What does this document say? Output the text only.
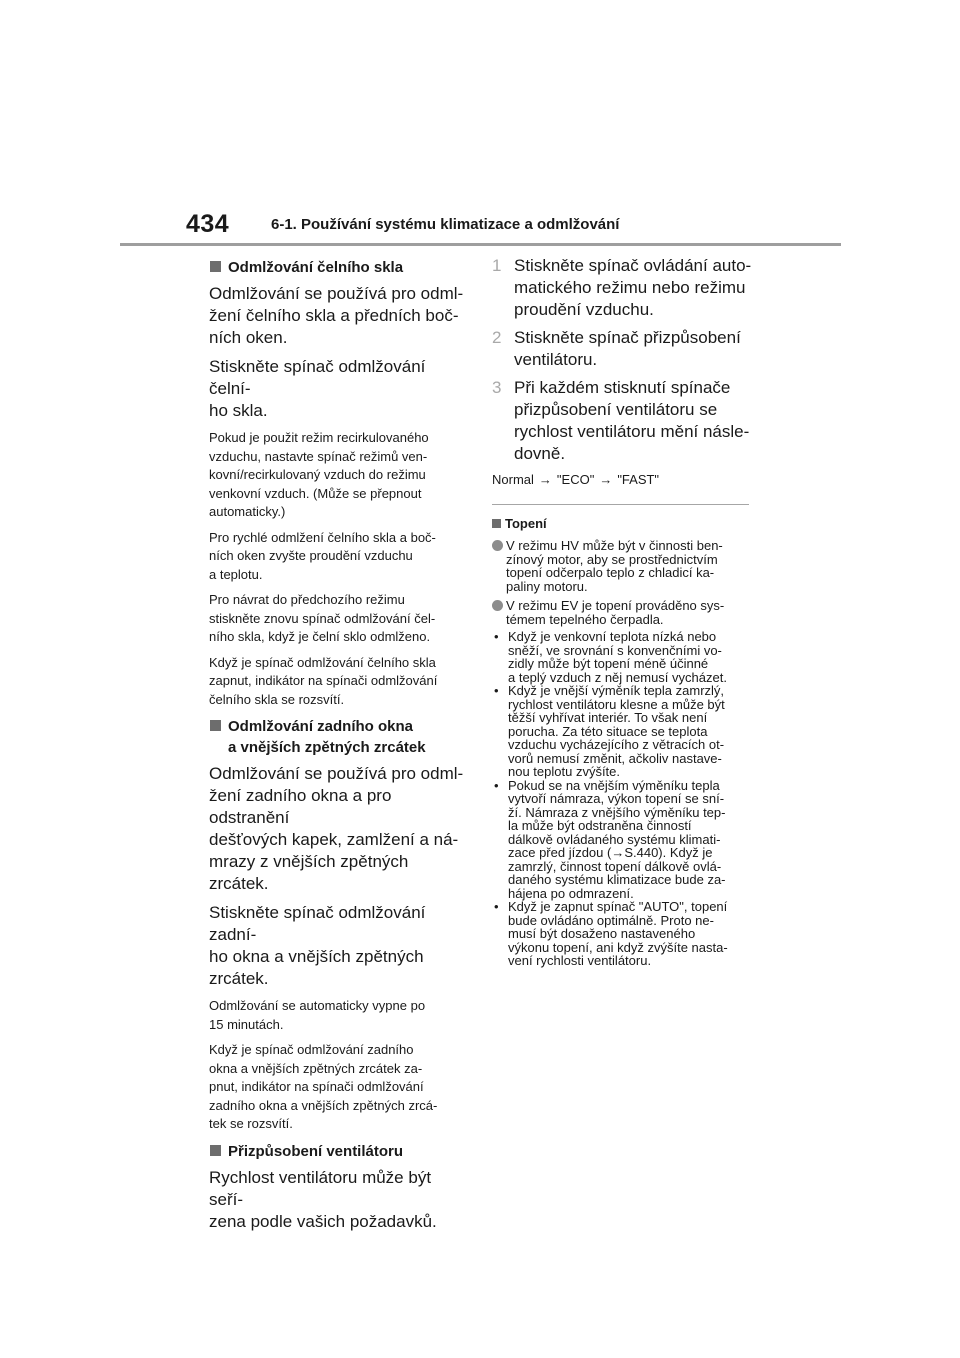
434	6-1. Používání systému klimatizace a odmlžování
Odmlžování čelního skla

Odmlžování se používá pro odml-
žení čelního skla a předních boč-
ních oken.

Stiskněte spínač odmlžování čelní-
ho skla.

Pokud je použit režim recirkulovaného
vzduchu, nastavte spínač režimů ven-
kovní/recirkulovaný vzduch do režimu
venkovní vzduch. (Může se přepnout
automaticky.)

Pro rychlé odmlžení čelního skla a boč-
ních oken zvyšte proudění vzduchu
a teplotu.

Pro návrat do předchozího režimu
stiskněte znovu spínač odmlžování čel-
ního skla, když je čelní sklo odmlženo.

Když je spínač odmlžování čelního skla
zapnut, indikátor na spínači odmlžování
čelního skla se rozsvítí.

Odmlžování zadního okna
a vnějších zpětných zrcátek

Odmlžování se používá pro odml-
žení zadního okna a pro odstranění
dešťových kapek, zamlžení a ná-
mrazy z vnějších zpětných zrcátek.

Stiskněte spínač odmlžování zadní-
ho okna a vnějších zpětných zrcátek.

Odmlžování se automaticky vypne po
15 minutách.

Když je spínač odmlžování zadního
okna a vnějších zpětných zrcátek za-
pnut, indikátor na spínači odmlžování
zadního okna a vnějších zpětných zrcá-
tek se rozsvítí.

Přizpůsobení ventilátoru

Rychlost ventilátoru může být seří-
zena podle vašich požadavků.

1 Stiskněte spínač ovládání auto-
matického režimu nebo režimu
proudění vzduchu.
2 Stiskněte spínač přizpůsobení
ventilátoru.
3 Při každém stisknutí spínače
přizpůsobení ventilátoru se
rychlost ventilátoru mění násle-
dovně.

Normal → "ECO" → "FAST"

Topení
V režimu HV může být v činnosti ben-
zínový motor, aby se prostřednictvím
topení odčerpalo teplo z chladicí ka-
paliny motoru.
V režimu EV je topení prováděno sys-
témem tepelného čerpadla.
• Když je venkovní teplota nízká nebo
sněží, ve srovnání s konvenčními vo-
zidly může být topení méně účinné
a teplý vzduch z něj nemusí vycházet.
• Když je vnější výměník tepla zamrzlý,
rychlost ventilátoru klesne a může být
těžší vyhřívat interiér. To však není
porucha. Za této situace se teplota
vzduchu vycházejícího z větracích ot-
vorů nemusí změnit, ačkoliv nastave-
nou teplotu zvýšíte.
• Pokud se na vnějším výměníku tepla
vytvoří námraza, výkon topení se sní-
ží. Námraza z vnějšího výměníku tep-
la může být odstraněna činností
dálkově ovládaného systému klimati-
zace před jízdou (→S.440). Když je
zamrzlý, činnost topení dálkově ovlá-
daného systému klimatizace bude za-
hájena po odmrazení.
• Když je zapnut spínač "AUTO", topení
bude ovládáno optimálně. Proto ne-
musí být dosaženo nastaveného
výkonu topení, ani když zvýšíte nasta-
vení rychlosti ventilátoru.
